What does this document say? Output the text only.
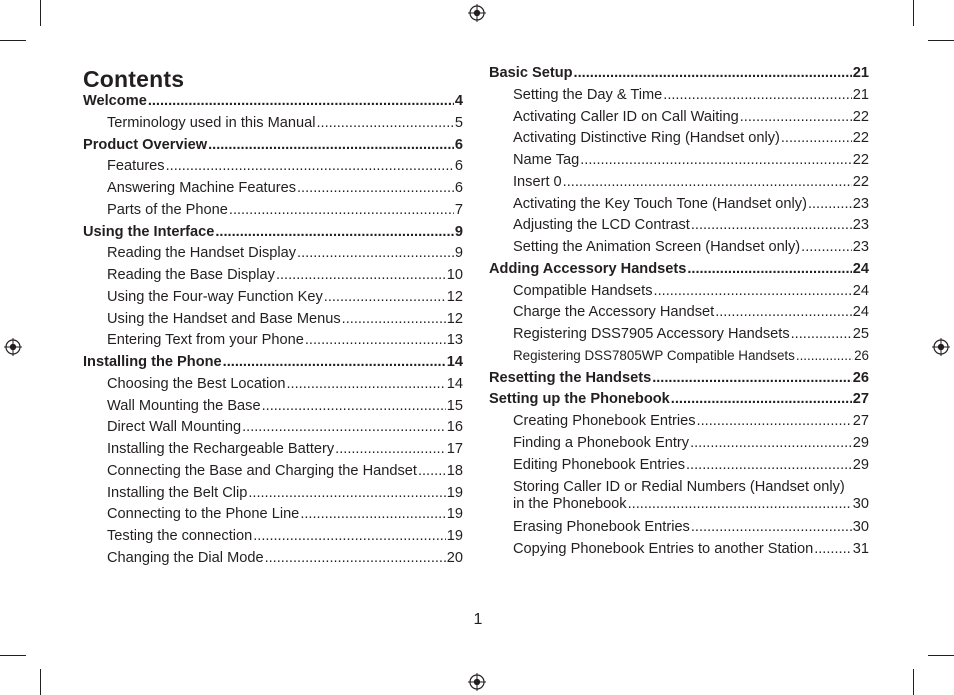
Contents
Welcome .....	4
Terminology used in this Manual .....	5
Product Overview .....	6
Features .....	6
Answering Machine Features .....	6
Parts of the Phone .....	7
Using the Interface .....	9
Reading the Handset Display .....	9
Reading the Base Display .....	10
Using the Four-way Function Key .....	12
Using the Handset and Base Menus .....	12
Entering Text from your Phone .....	13
Installing the Phone .....	14
Choosing the Best Location .....	14
Wall Mounting the Base .....	15
Direct Wall Mounting .....	16
Installing the Rechargeable Battery .....	17
Connecting the Base and Charging the Handset ..... 18
Installing the Belt Clip .....	19
Connecting to the Phone Line .....	19
Testing the connection .....	19
Changing the Dial Mode .....	20
Basic Setup .....	21
Setting the Day & Time .....	21
Activating Caller ID on Call Waiting .....	22
Activating Distinctive Ring (Handset only) .....	22
Name Tag .....	22
Insert 0 .....	22
Activating the Key Touch Tone (Handset only) .....	23
Adjusting the LCD Contrast .....	23
Setting the Animation Screen (Handset only) .....	23
Adding Accessory Handsets .....	24
Compatible Handsets .....	24
Charge the Accessory Handset .....	24
Registering DSS7905 Accessory Handsets .....	25
Registering DSS7805WP Compatible Handsets .....	26
Resetting the Handsets .....	26
Setting up the Phonebook .....	27
Creating Phonebook Entries .....	27
Finding a Phonebook Entry .....	29
Editing Phonebook Entries .....	29
Storing Caller ID or Redial Numbers (Handset only)
in the Phonebook .....	30
Erasing Phonebook Entries .....	30
Copying Phonebook Entries to another Station .....	31
1
